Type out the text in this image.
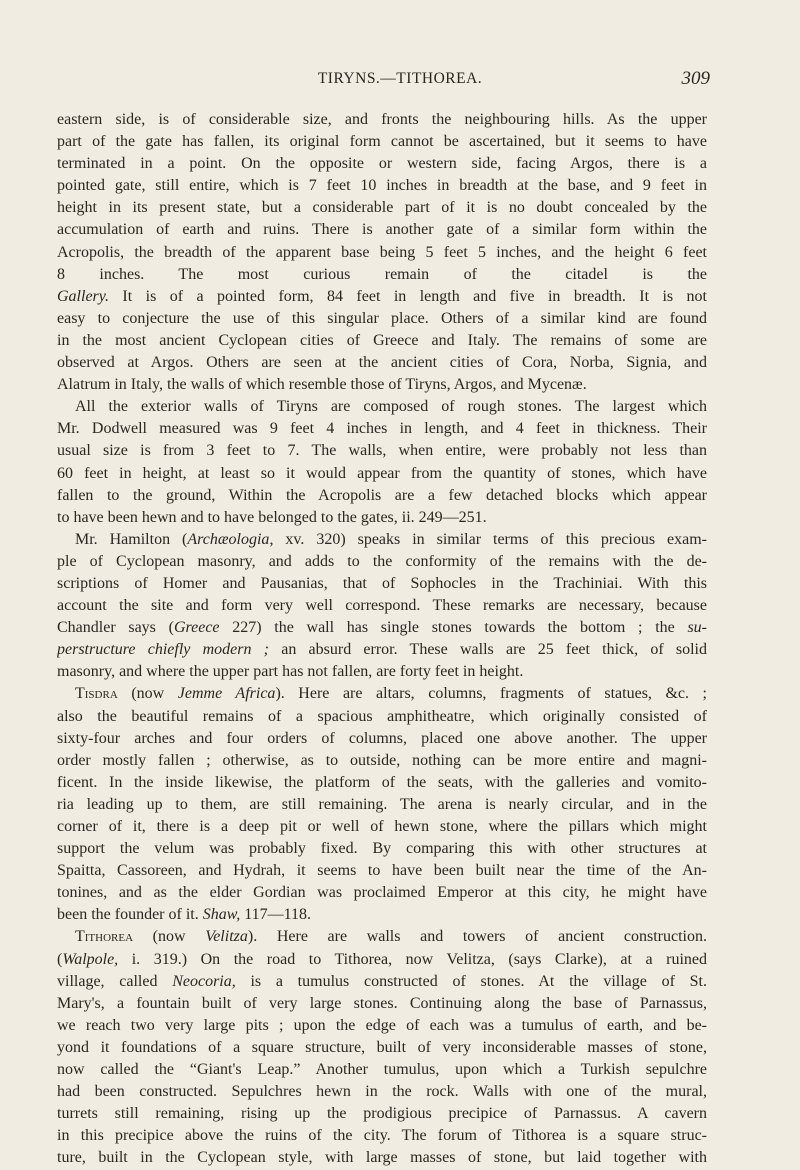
TIRYNS.—TITHOREA.	309
eastern side, is of considerable size, and fronts the neighbouring hills. As the upper
part of the gate has fallen, its original form cannot be ascertained, but it seems to have
terminated in a point. On the opposite or western side, facing Argos, there is a
pointed gate, still entire, which is 7 feet 10 inches in breadth at the base, and 9 feet in
height in its present state, but a considerable part of it is no doubt concealed by the
accumulation of earth and ruins. There is another gate of a similar form within the
Acropolis, the breadth of the apparent base being 5 feet 5 inches, and the height 6 feet
8 inches. The most curious remain of the citadel is the
Gallery. It is of a pointed form, 84 feet in length and five in breadth. It is not
easy to conjecture the use of this singular place. Others of a similar kind are found
in the most ancient Cyclopean cities of Greece and Italy. The remains of some are
observed at Argos. Others are seen at the ancient cities of Cora, Norba, Signia, and
Alatrum in Italy, the walls of which resemble those of Tiryns, Argos, and Mycenæ.
All the exterior walls of Tiryns are composed of rough stones. The largest which
Mr. Dodwell measured was 9 feet 4 inches in length, and 4 feet in thickness. Their
usual size is from 3 feet to 7. The walls, when entire, were probably not less than
60 feet in height, at least so it would appear from the quantity of stones, which have
fallen to the ground, Within the Acropolis are a few detached blocks which appear
to have been hewn and to have belonged to the gates, ii. 249—251.
Mr. Hamilton (Archæologia, xv. 320) speaks in similar terms of this precious exam-
ple of Cyclopean masonry, and adds to the conformity of the remains with the de-
scriptions of Homer and Pausanias, that of Sophocles in the Trachiniai. With this
account the site and form very well correspond. These remarks are necessary, because
Chandler says (Greece 227) the wall has single stones towards the bottom ; the su-
perstructure chiefly modern ; an absurd error. These walls are 25 feet thick, of solid
masonry, and where the upper part has not fallen, are forty feet in height.
Tisdra (now Jemme Africa). Here are altars, columns, fragments of statues, &c. ;
also the beautiful remains of a spacious amphitheatre, which originally consisted of
sixty-four arches and four orders of columns, placed one above another. The upper
order mostly fallen ; otherwise, as to outside, nothing can be more entire and magni-
ficent. In the inside likewise, the platform of the seats, with the galleries and vomito-
ria leading up to them, are still remaining. The arena is nearly circular, and in the
corner of it, there is a deep pit or well of hewn stone, where the pillars which might
support the velum was probably fixed. By comparing this with other structures at
Spaitta, Cassoreen, and Hydrah, it seems to have been built near the time of the An-
tonines, and as the elder Gordian was proclaimed Emperor at this city, he might have
been the founder of it. Shaw, 117—118.
Tithorea (now Velitza). Here are walls and towers of ancient construction.
(Walpole, i. 319.) On the road to Tithorea, now Velitza, (says Clarke), at a ruined
village, called Neocoria, is a tumulus constructed of stones. At the village of St.
Mary's, a fountain built of very large stones. Continuing along the base of Parnassus,
we reach two very large pits ; upon the edge of each was a tumulus of earth, and be-
yond it foundations of a square structure, built of very inconsiderable masses of stone,
now called the “Giant's Leap.” Another tumulus, upon which a Turkish sepulchre
had been constructed. Sepulchres hewn in the rock. Walls with one of the mural,
turrets still remaining, rising up the prodigious precipice of Parnassus. A cavern
in this precipice above the ruins of the city. The forum of Tithorea is a square struc-
ture, built in the Cyclopean style, with large masses of stone, but laid together with
